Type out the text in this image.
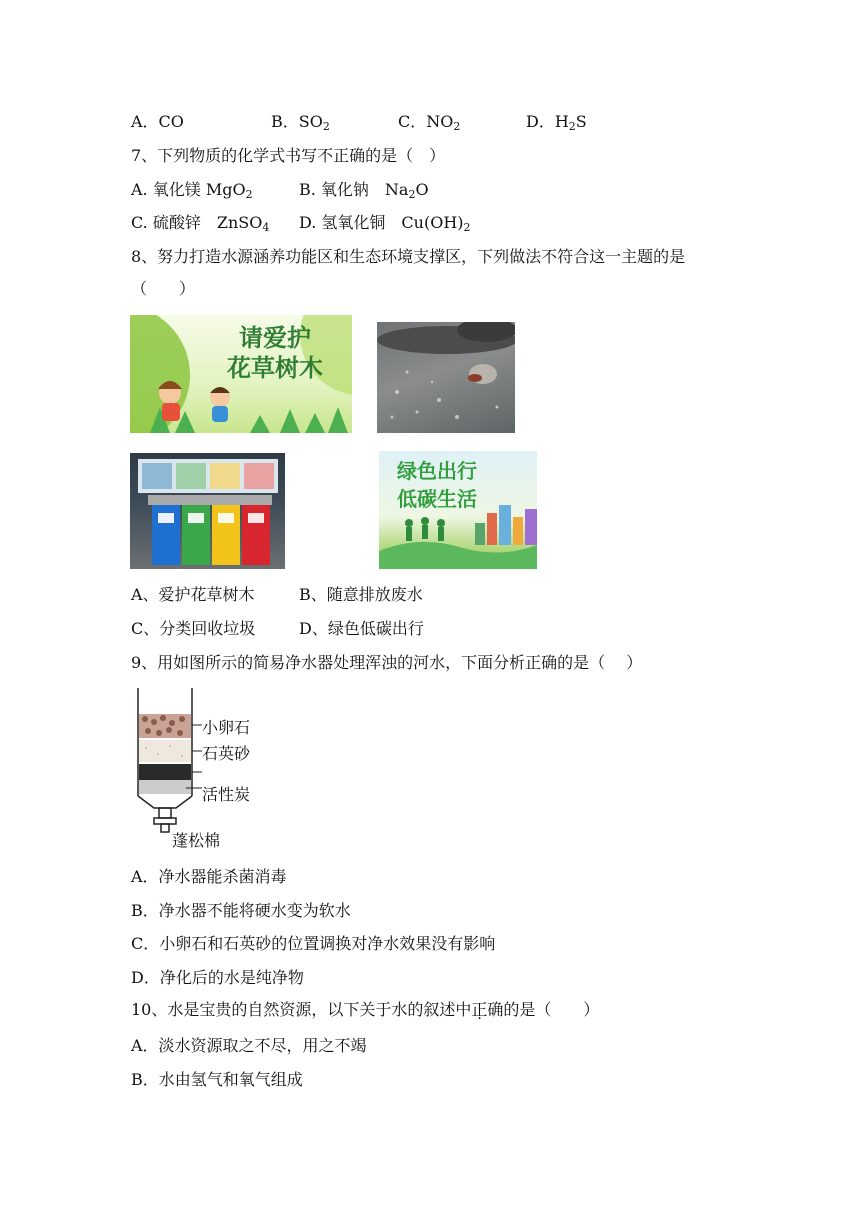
A．CO	B．$SO_2$	C．$NO_2$	D．$H_2S$
7、下列物质的化学式书写不正确的是（　）
A. 氧化镁 MgO$_2$	B. 氧化钠　$Na_2O$
C. 硫酸锌　ZnSO$_4$ D. 氢氧化铜　$Cu(OH)_2$
8、努力打造水源涵养功能区和生态环境支撑区，下列做法不符合这一主题的是
（　　）
请爱护
花草树木
绿色出行
低碳生活
A、爱护花草树木	B、随意排放废水
C、分类回收垃圾	D、绿色低碳出行
9、用如图所示的简易净水器处理浑浊的河水，下面分析正确的是（　 ）
小卵石
石英砂
活性炭
蓬松棉
A．净水器能杀菌消毒
B．净水器不能将硬水变为软水
C．小卵石和石英砂的位置调换对净水效果没有影响
D．净化后的水是纯净物
10、水是宝贵的自然资源，以下关于水的叙述中正确的是（　　）
A．淡水资源取之不尽，用之不竭
B．水由氢气和氧气组成
